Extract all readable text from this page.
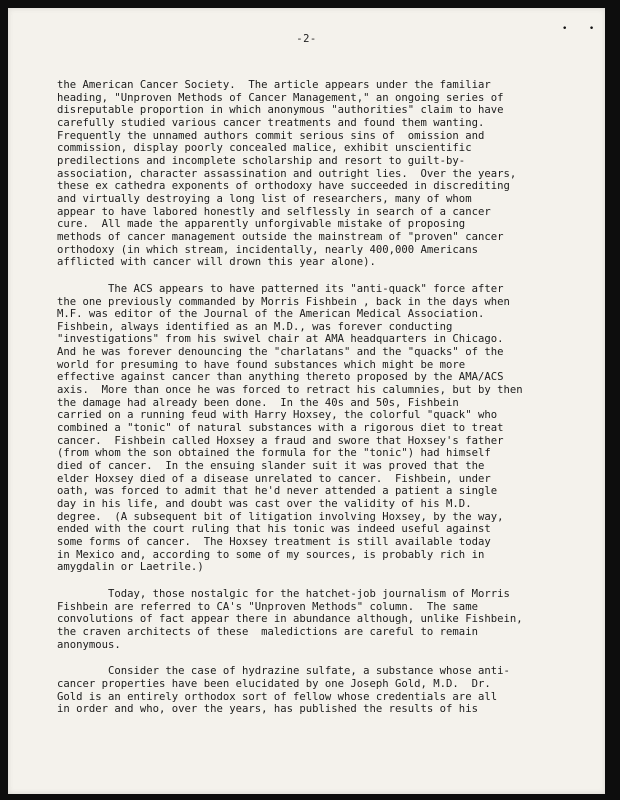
• •
-2-
the American Cancer Society.  The article appears under the familiar
heading, "Unproven Methods of Cancer Management," an ongoing series of
disreputable proportion in which anonymous "authorities" claim to have
carefully studied various cancer treatments and found them wanting.
Frequently the unnamed authors commit serious sins of  omission and
commission, display poorly concealed malice, exhibit unscientific
predilections and incomplete scholarship and resort to guilt-by-
association, character assassination and outright lies.  Over the years,
these ex cathedra exponents of orthodoxy have succeeded in discrediting
and virtually destroying a long list of researchers, many of whom
appear to have labored honestly and selflessly in search of a cancer
cure.  All made the apparently unforgivable mistake of proposing
methods of cancer management outside the mainstream of "proven" cancer
orthodoxy (in which stream, incidentally, nearly 400,000 Americans
afflicted with cancer will drown this year alone).
The ACS appears to have patterned its "anti-quack" force after
the one previously commanded by Morris Fishbein , back in the days when
M.F. was editor of the Journal of the American Medical Association.
Fishbein, always identified as an M.D., was forever conducting
"investigations" from his swivel chair at AMA headquarters in Chicago.
And he was forever denouncing the "charlatans" and the "quacks" of the
world for presuming to have found substances which might be more
effective against cancer than anything thereto proposed by the AMA/ACS
axis.  More than once he was forced to retract his calumnies, but by then
the damage had already been done.  In the 40s and 50s, Fishbein
carried on a running feud with Harry Hoxsey, the colorful "quack" who
combined a "tonic" of natural substances with a rigorous diet to treat
cancer.  Fishbein called Hoxsey a fraud and swore that Hoxsey's father
(from whom the son obtained the formula for the "tonic") had himself
died of cancer.  In the ensuing slander suit it was proved that the
elder Hoxsey died of a disease unrelated to cancer.  Fishbein, under
oath, was forced to admit that he'd never attended a patient a single
day in his life, and doubt was cast over the validity of his M.D.
degree.  (A subsequent bit of litigation involving Hoxsey, by the way,
ended with the court ruling that his tonic was indeed useful against
some forms of cancer.  The Hoxsey treatment is still available today
in Mexico and, according to some of my sources, is probably rich in
amygdalin or Laetrile.)
Today, those nostalgic for the hatchet-job journalism of Morris
Fishbein are referred to CA's "Unproven Methods" column.  The same
convolutions of fact appear there in abundance although, unlike Fishbein,
the craven architects of these  maledictions are careful to remain
anonymous.
Consider the case of hydrazine sulfate, a substance whose anti-
cancer properties have been elucidated by one Joseph Gold, M.D.  Dr.
Gold is an entirely orthodox sort of fellow whose credentials are all
in order and who, over the years, has published the results of his
